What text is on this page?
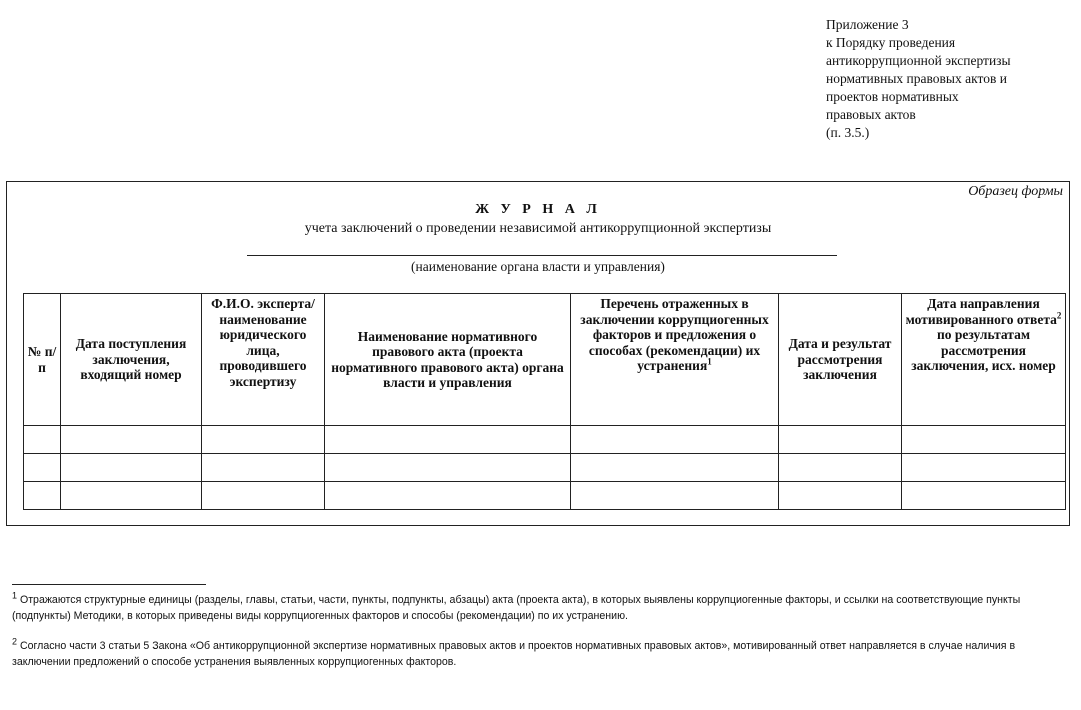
Приложение 3
к Порядку проведения
антикоррупционной экспертизы
нормативных правовых актов и
проектов нормативных
правовых актов
(п. 3.5.)
Образец формы
Ж У Р Н А Л
учета заключений о проведении независимой антикоррупционной экспертизы
(наименование органа власти и управления)
№ п/п	Дата поступления заключения, входящий номер	Ф.И.О. эксперта/ наименование юридического лица, проводившего экспертизу	Наименование нормативного правового акта (проекта нормативного правового акта) органа власти и управления	Перечень отраженных в заключении коррупциогенных факторов и предложения о способах (рекомендации) их устранения$^1$	Дата и результат рассмотрения заключения	Дата направления мотивированного ответа$^2$ по результатам рассмотрения заключения, исх. номер

$^1$ Отражаются структурные единицы (разделы, главы, статьи, части, пункты, подпункты, абзацы) акта (проекта акта), в которых выявлены коррупциогенные факторы, и ссылки на соответствующие пункты (подпункты) Методики, в которых приведены виды коррупциогенных факторов и способы (рекомендации) по их устранению.
$^2$ Согласно части 3 статьи 5 Закона «Об антикоррупционной экспертизе нормативных правовых актов и проектов нормативных правовых актов», мотивированный ответ направляется в случае наличия в заключении предложений о способе устранения выявленных коррупциогенных факторов.
